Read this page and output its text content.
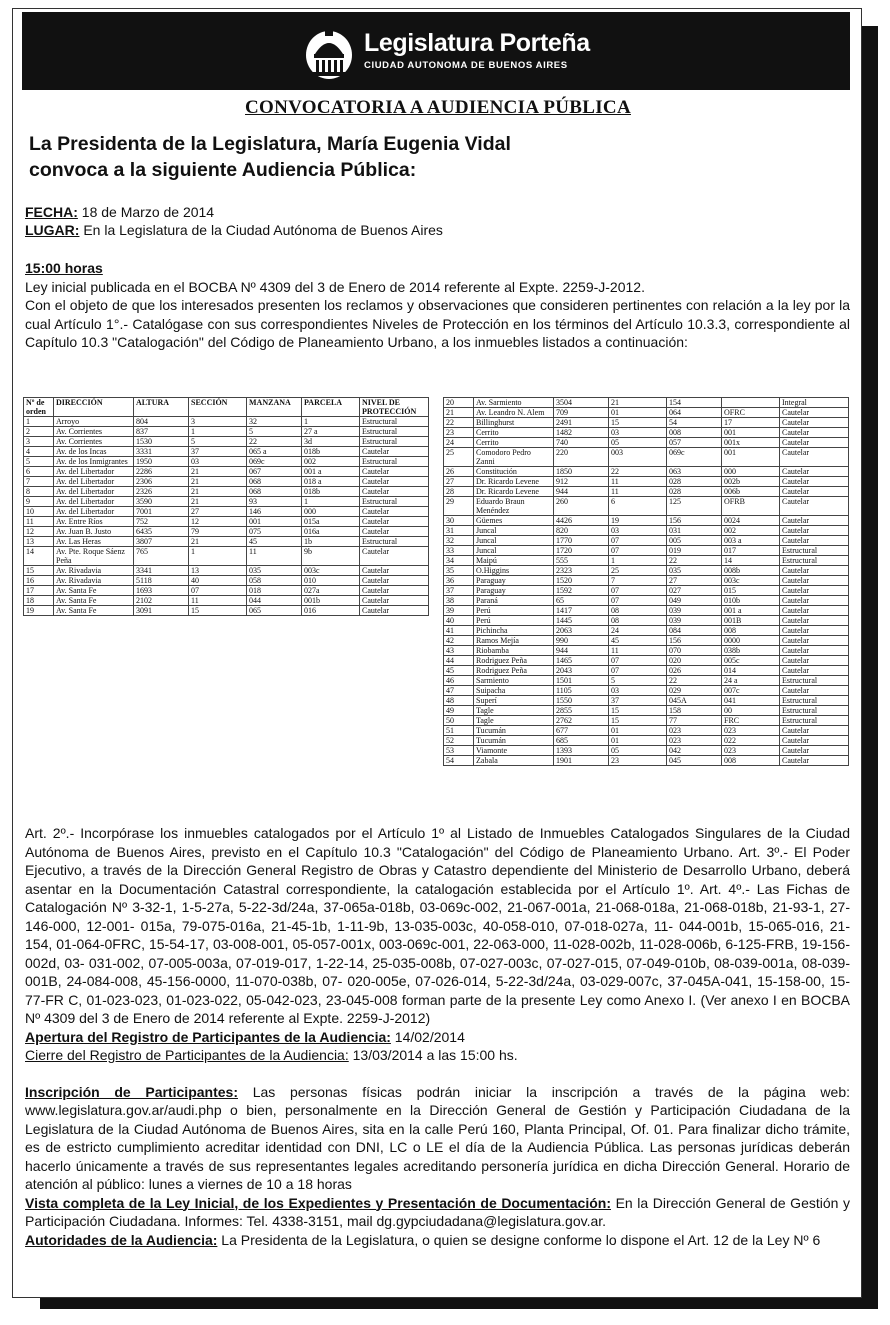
Legislatura Porteña
CIUDAD AUTONOMA DE BUENOS AIRES
CONVOCATORIA A AUDIENCIA PÚBLICA
La Presidenta de la Legislatura, María Eugenia Vidal
convoca a la siguiente Audiencia Pública:
FECHA: 18 de Marzo de 2014
LUGAR: En la Legislatura de la Ciudad Autónoma de Buenos Aires
15:00 horas
Ley inicial publicada en el BOCBA Nº 4309 del 3 de Enero de 2014 referente al Expte. 2259-J-2012.
Con el objeto de que los interesados presenten los reclamos y observaciones que consideren pertinentes con relación a la ley por la cual Artículo 1°.- Catalógase con sus correspondientes Niveles de Protección en los términos del Artículo 10.3.3, correspondiente al Capítulo 10.3 "Catalogación" del Código de Planeamiento Urbano, a los inmuebles listados a continuación:
Nº de orden	DIRECCIÓN	ALTURA	SECCIÓN	MANZANA	PARCELA	NIVEL DE PROTECCIÓN
1	Arroyo	804	3	32	1	Estructural
2	Av. Corrientes	837	1	5	27 a	Estructural
3	Av. Corrientes	1530	5	22	3d	Estructural
4	Av. de los Incas	3331	37	065 a	018b	Cautelar
5	Av. de los Inmigrantes	1950	03	069c	002	Estructural
6	Av. del Libertador	2286	21	067	001 a	Cautelar
7	Av. del Libertador	2306	21	068	018 a	Cautelar
8	Av. del Libertador	2326	21	068	018b	Cautelar
9	Av. del Libertador	3590	21	93	1	Estructural
10	Av. del Libertador	7001	27	146	000	Cautelar
11	Av. Entre Ríos	752	12	001	015a	Cautelar
12	Av. Juan B. Justo	6435	79	075	016a	Cautelar
13	Av. Las Heras	3807	21	45	1b	Estructural
14	Av. Pte. Roque Sáenz Peña	765	1	11	9b	Cautelar
15	Av. Rivadavia	3341	13	035	003c	Cautelar
16	Av. Rivadavia	5118	40	058	010	Cautelar
17	Av. Santa Fe	1693	07	018	027a	Cautelar
18	Av. Santa Fe	2102	11	044	001b	Cautelar
19	Av. Santa Fe	3091	15	065	016	Cautelar
20	Av. Sarmiento	3504	21	154		Integral
21	Av. Leandro N. Alem	709	01	064	OFRC	Cautelar
22	Billinghurst	2491	15	54	17	Cautelar
23	Cerrito	1482	03	008	001	Cautelar
24	Cerrito	740	05	057	001x	Cautelar
25	Comodoro Pedro Zanni	220	003	069c	001	Cautelar
26	Constitución	1850	22	063	000	Cautelar
27	Dr. Ricardo Levene	912	11	028	002b	Cautelar
28	Dr. Ricardo Levene	944	11	028	006b	Cautelar
29	Eduardo Braun Menéndez	260	6	125	OFRB	Cautelar
30	Güemes	4426	19	156	0024	Cautelar
31	Juncal	820	03	031	002	Cautelar
32	Juncal	1770	07	005	003 a	Cautelar
33	Juncal	1720	07	019	017	Estructural
34	Maipú	555	1	22	14	Estructural
35	O.Higgins	2323	25	035	008b	Cautelar
36	Paraguay	1520	7	27	003c	Cautelar
37	Paraguay	1592	07	027	015	Cautelar
38	Paraná	65	07	049	010b	Cautelar
39	Perú	1417	08	039	001 a	Cautelar
40	Perú	1445	08	039	001B	Cautelar
41	Pichincha	2063	24	084	008	Cautelar
42	Ramos Mejía	990	45	156	0000	Cautelar
43	Riobamba	944	11	070	038b	Cautelar
44	Rodriguez Peña	1465	07	020	005c	Cautelar
45	Rodriguez Peña	2043	07	026	014	Cautelar
46	Sarmiento	1501	5	22	24 a	Estructural
47	Suipacha	1105	03	029	007c	Cautelar
48	Superí	1550	37	045A	041	Estructural
49	Tagle	2855	15	158	00	Estructural
50	Tagle	2762	15	77	FRC	Estructural
51	Tucumán	677	01	023	023	Cautelar
52	Tucumán	685	01	023	022	Cautelar
53	Viamonte	1393	05	042	023	Cautelar
54	Zabala	1901	23	045	008	Cautelar

Art. 2º.- Incorpórase los inmuebles catalogados por el Artículo 1º al Listado de Inmuebles Catalogados Singulares de la Ciudad Autónoma de Buenos Aires, previsto en el Capítulo 10.3 "Catalogación" del Código de Planeamiento Urbano. Art. 3º.- El Poder Ejecutivo, a través de la Dirección General Registro de Obras y Catastro dependiente del Ministerio de Desarrollo Urbano, deberá asentar en la Documentación Catastral correspondiente, la catalogación establecida por el Artículo 1º. Art. 4º.- Las Fichas de Catalogación Nº 3-32-1, 1-5-27a, 5-22-3d/24a, 37-065a-018b, 03-069c-002, 21-067-001a, 21-068-018a, 21-068-018b, 21-93-1, 27-146-000, 12-001- 015a, 79-075-016a, 21-45-1b, 1-11-9b, 13-035-003c, 40-058-010, 07-018-027a, 11- 044-001b, 15-065-016, 21-154, 01-064-0FRC, 15-54-17, 03-008-001, 05-057-001x, 003-069c-001, 22-063-000, 11-028-002b, 11-028-006b, 6-125-FRB, 19-156-002d, 03- 031-002, 07-005-003a, 07-019-017, 1-22-14, 25-035-008b, 07-027-003c, 07-027-015, 07-049-010b, 08-039-001a, 08-039-001B, 24-084-008, 45-156-0000, 11-070-038b, 07- 020-005e, 07-026-014, 5-22-3d/24a, 03-029-007c, 37-045A-041, 15-158-00, 15-77-FR C, 01-023-023, 01-023-022, 05-042-023, 23-045-008 forman parte de la presente Ley como Anexo I. (Ver anexo I en BOCBA Nº 4309 del 3 de Enero de 2014 referente al Expte. 2259-J-2012)

Apertura del Registro de Participantes de la Audiencia: 14/02/2014

Cierre del Registro de Participantes de la Audiencia: 13/03/2014 a las 15:00 hs.

Inscripción de Participantes: Las personas físicas podrán iniciar la inscripción a través de la página web: www.legislatura.gov.ar/audi.php o bien, personalmente en la Dirección General de Gestión y Participación Ciudadana de la Legislatura de la Ciudad Autónoma de Buenos Aires, sita en la calle Perú 160, Planta Principal, Of. 01. Para finalizar dicho trámite, es de estricto cumplimiento acreditar identidad con DNI, LC o LE el día de la Audiencia Pública. Las personas jurídicas deberán hacerlo únicamente a través de sus representantes legales acreditando personería jurídica en dicha Dirección General. Horario de atención al público: lunes a viernes de 10 a 18 horas

Vista completa de la Ley Inicial, de los Expedientes y Presentación de Documentación: En la Dirección General de Gestión y Participación Ciudadana. Informes: Tel. 4338-3151, mail dg.gypciudadana@legislatura.gov.ar.

Autoridades de la Audiencia: La Presidenta de la Legislatura, o quien se designe conforme lo dispone el Art. 12 de la Ley Nº 6
